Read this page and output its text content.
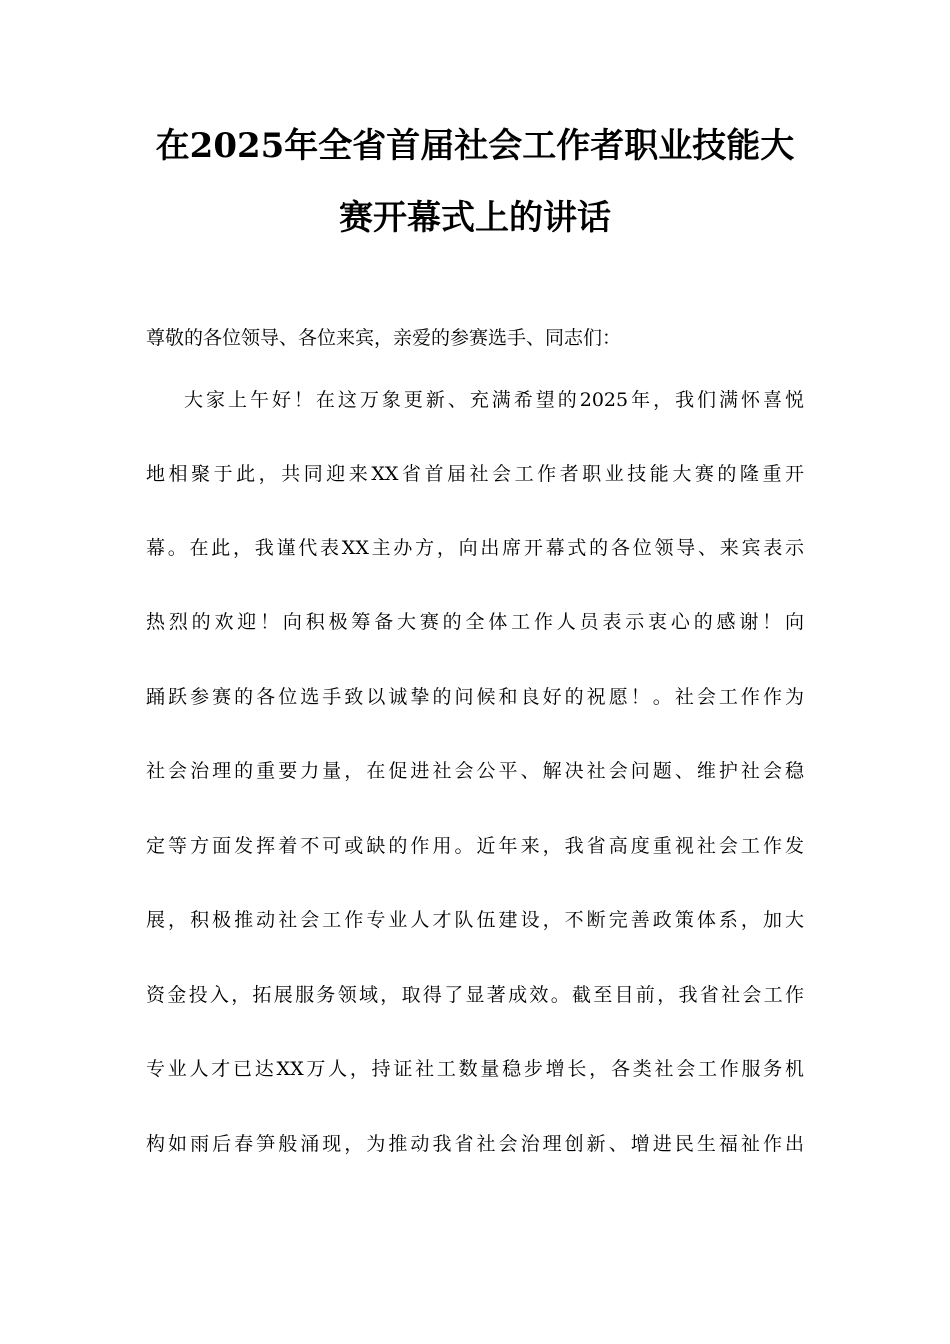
在2025年全省首届社会工作者职业技能大
赛开幕式上的讲话
尊敬的各位领导、各位来宾，亲爱的参赛选手、同志们：
大家上午好！在这万象更新、充满希望的2025年，我们满怀喜悦
地相聚于此，共同迎来XX省首届社会工作者职业技能大赛的隆重开
幕。在此，我谨代表XX主办方，向出席开幕式的各位领导、来宾表示
热烈的欢迎！向积极筹备大赛的全体工作人员表示衷心的感谢！向
踊跃参赛的各位选手致以诚挚的问候和良好的祝愿！。社会工作作为
社会治理的重要力量，在促进社会公平、解决社会问题、维护社会稳
定等方面发挥着不可或缺的作用。近年来，我省高度重视社会工作发
展，积极推动社会工作专业人才队伍建设，不断完善政策体系，加大
资金投入，拓展服务领域，取得了显著成效。截至目前，我省社会工作
专业人才已达XX万人，持证社工数量稳步增长，各类社会工作服务机
构如雨后春笋般涌现，为推动我省社会治理创新、增进民生福祉作出
